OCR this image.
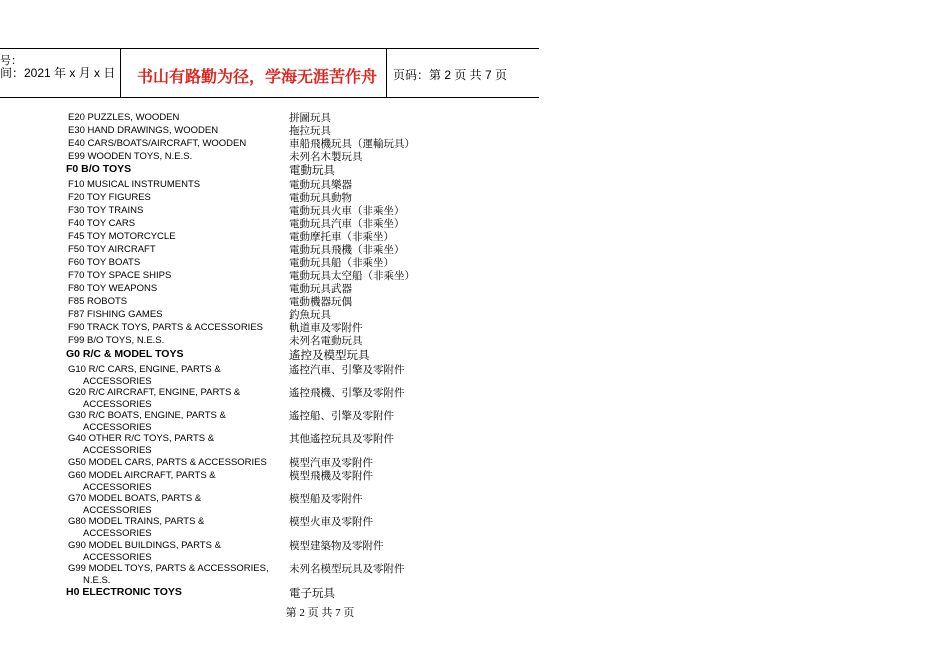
号：
间：2021 年 x 月 x 日 书山有路勤为径，学海无涯苦作舟 页码：第 2 页 共 7 页
E20 PUZZLES, WOODEN	拼圖玩具
E30 HAND DRAWINGS, WOODEN	拖拉玩具
E40 CARS/BOATS/AIRCRAFT, WOODEN	車船飛機玩具（運輸玩具）
E99 WOODEN TOYS, N.E.S.	未列名木製玩具
F0 B/O TOYS	電動玩具
F10 MUSICAL INSTRUMENTS	電動玩具樂器
F20 TOY FIGURES	電動玩具動物
F30 TOY TRAINS	電動玩具火車（非乘坐）
F40 TOY CARS	電動玩具汽車（非乘坐）
F45 TOY MOTORCYCLE	電動摩托車（非乘坐）
F50 TOY AIRCRAFT	電動玩具飛機（非乘坐）
F60 TOY BOATS	電動玩具船（非乘坐）
F70 TOY SPACE SHIPS	電動玩具太空船（非乘坐）
F80 TOY WEAPONS	電動玩具武器
F85 ROBOTS	電動機器玩偶
F87 FISHING GAMES	釣魚玩具
F90 TRACK TOYS, PARTS & ACCESSORIES	軌道車及零附件
F99 B/O TOYS, N.E.S.	未列名電動玩具
G0 R/C & MODEL TOYS	遙控及模型玩具
G10 R/C CARS, ENGINE, PARTS &
ACCESSORIES
遙控汽車、引擎及零附件
G20 R/C AIRCRAFT, ENGINE, PARTS &
ACCESSORIES
遙控飛機、引擎及零附件
G30 R/C BOATS, ENGINE, PARTS &
ACCESSORIES
遙控船、引擎及零附件
G40 OTHER R/C TOYS, PARTS &
ACCESSORIES
其他遙控玩具及零附件
G50 MODEL CARS, PARTS & ACCESSORIES	模型汽車及零附件
G60 MODEL AIRCRAFT, PARTS &
ACCESSORIES
模型飛機及零附件
G70 MODEL BOATS, PARTS &
ACCESSORIES
模型船及零附件
G80 MODEL TRAINS, PARTS &
ACCESSORIES
模型火車及零附件
G90 MODEL BUILDINGS, PARTS &
ACCESSORIES
模型建築物及零附件
G99 MODEL TOYS, PARTS & ACCESSORIES,
N.E.S.
未列名模型玩具及零附件
H0 ELECTRONIC TOYS	電子玩具
第 2 页 共 7 页
